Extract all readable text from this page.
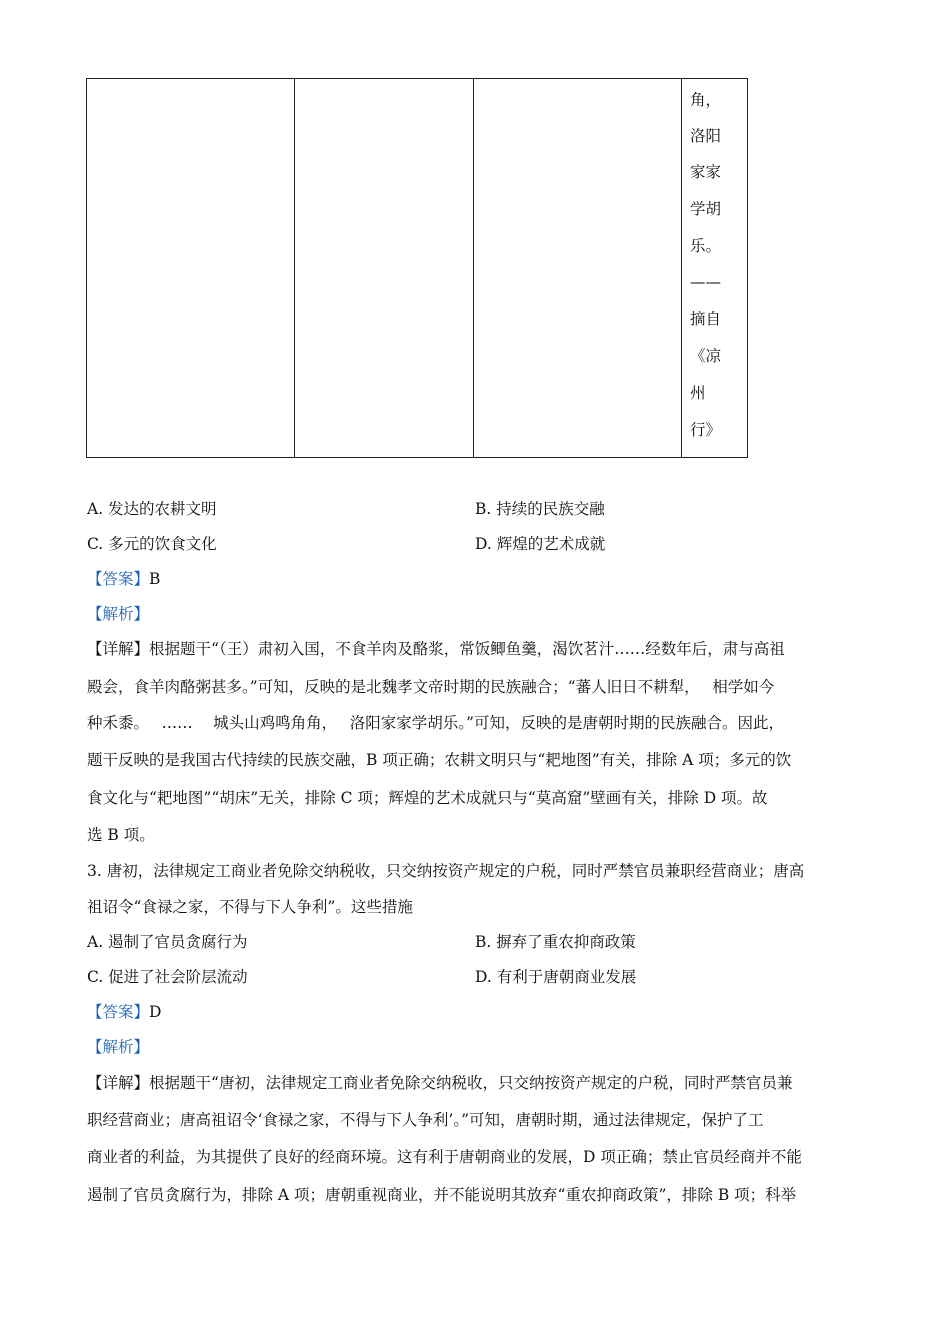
角，
洛阳
家家
学胡
乐。
——
摘自
《凉
州
行》
A. 发达的农耕文明	B. 持续的民族交融
C. 多元的饮食文化	D. 辉煌的艺术成就
【答案】B
【解析】
【详解】根据题干“（王）肃初入国，不食羊肉及酪浆，常饭鲫鱼羹，渴饮茗汁……经数年后，肃与高祖
殿会，食羊肉酪粥甚多。”可知，反映的是北魏孝文帝时期的民族融合；“蕃人旧日不耕犁，　 相学如今
种禾黍。　 ……　 城头山鸡鸣角角，　 洛阳家家学胡乐。”可知，反映的是唐朝时期的民族融合。因此，
题干反映的是我国古代持续的民族交融，B 项正确；农耕文明只与“耙地图”有关，排除 A 项；多元的饮
食文化与“耙地图”“胡床”无关，排除 C 项；辉煌的艺术成就只与“莫高窟”壁画有关，排除 D 项。故
选 B 项。
3. 唐初，法律规定工商业者免除交纳税收，只交纳按资产规定的户税，同时严禁官员兼职经营商业；唐高
祖诏令“食禄之家，不得与下人争利”。这些措施
A. 遏制了官员贪腐行为	B. 摒弃了重农抑商政策
C. 促进了社会阶层流动	D. 有利于唐朝商业发展
【答案】D
【解析】
【详解】根据题干“唐初，法律规定工商业者免除交纳税收，只交纳按资产规定的户税，同时严禁官员兼
职经营商业；唐高祖诏令‘食禄之家，不得与下人争利’。”可知，唐朝时期，通过法律规定，保护了工
商业者的利益，为其提供了良好的经商环境。这有利于唐朝商业的发展，D 项正确；禁止官员经商并不能
遏制了官员贪腐行为，排除 A 项；唐朝重视商业，并不能说明其放弃“重农抑商政策”，排除 B 项；科举
